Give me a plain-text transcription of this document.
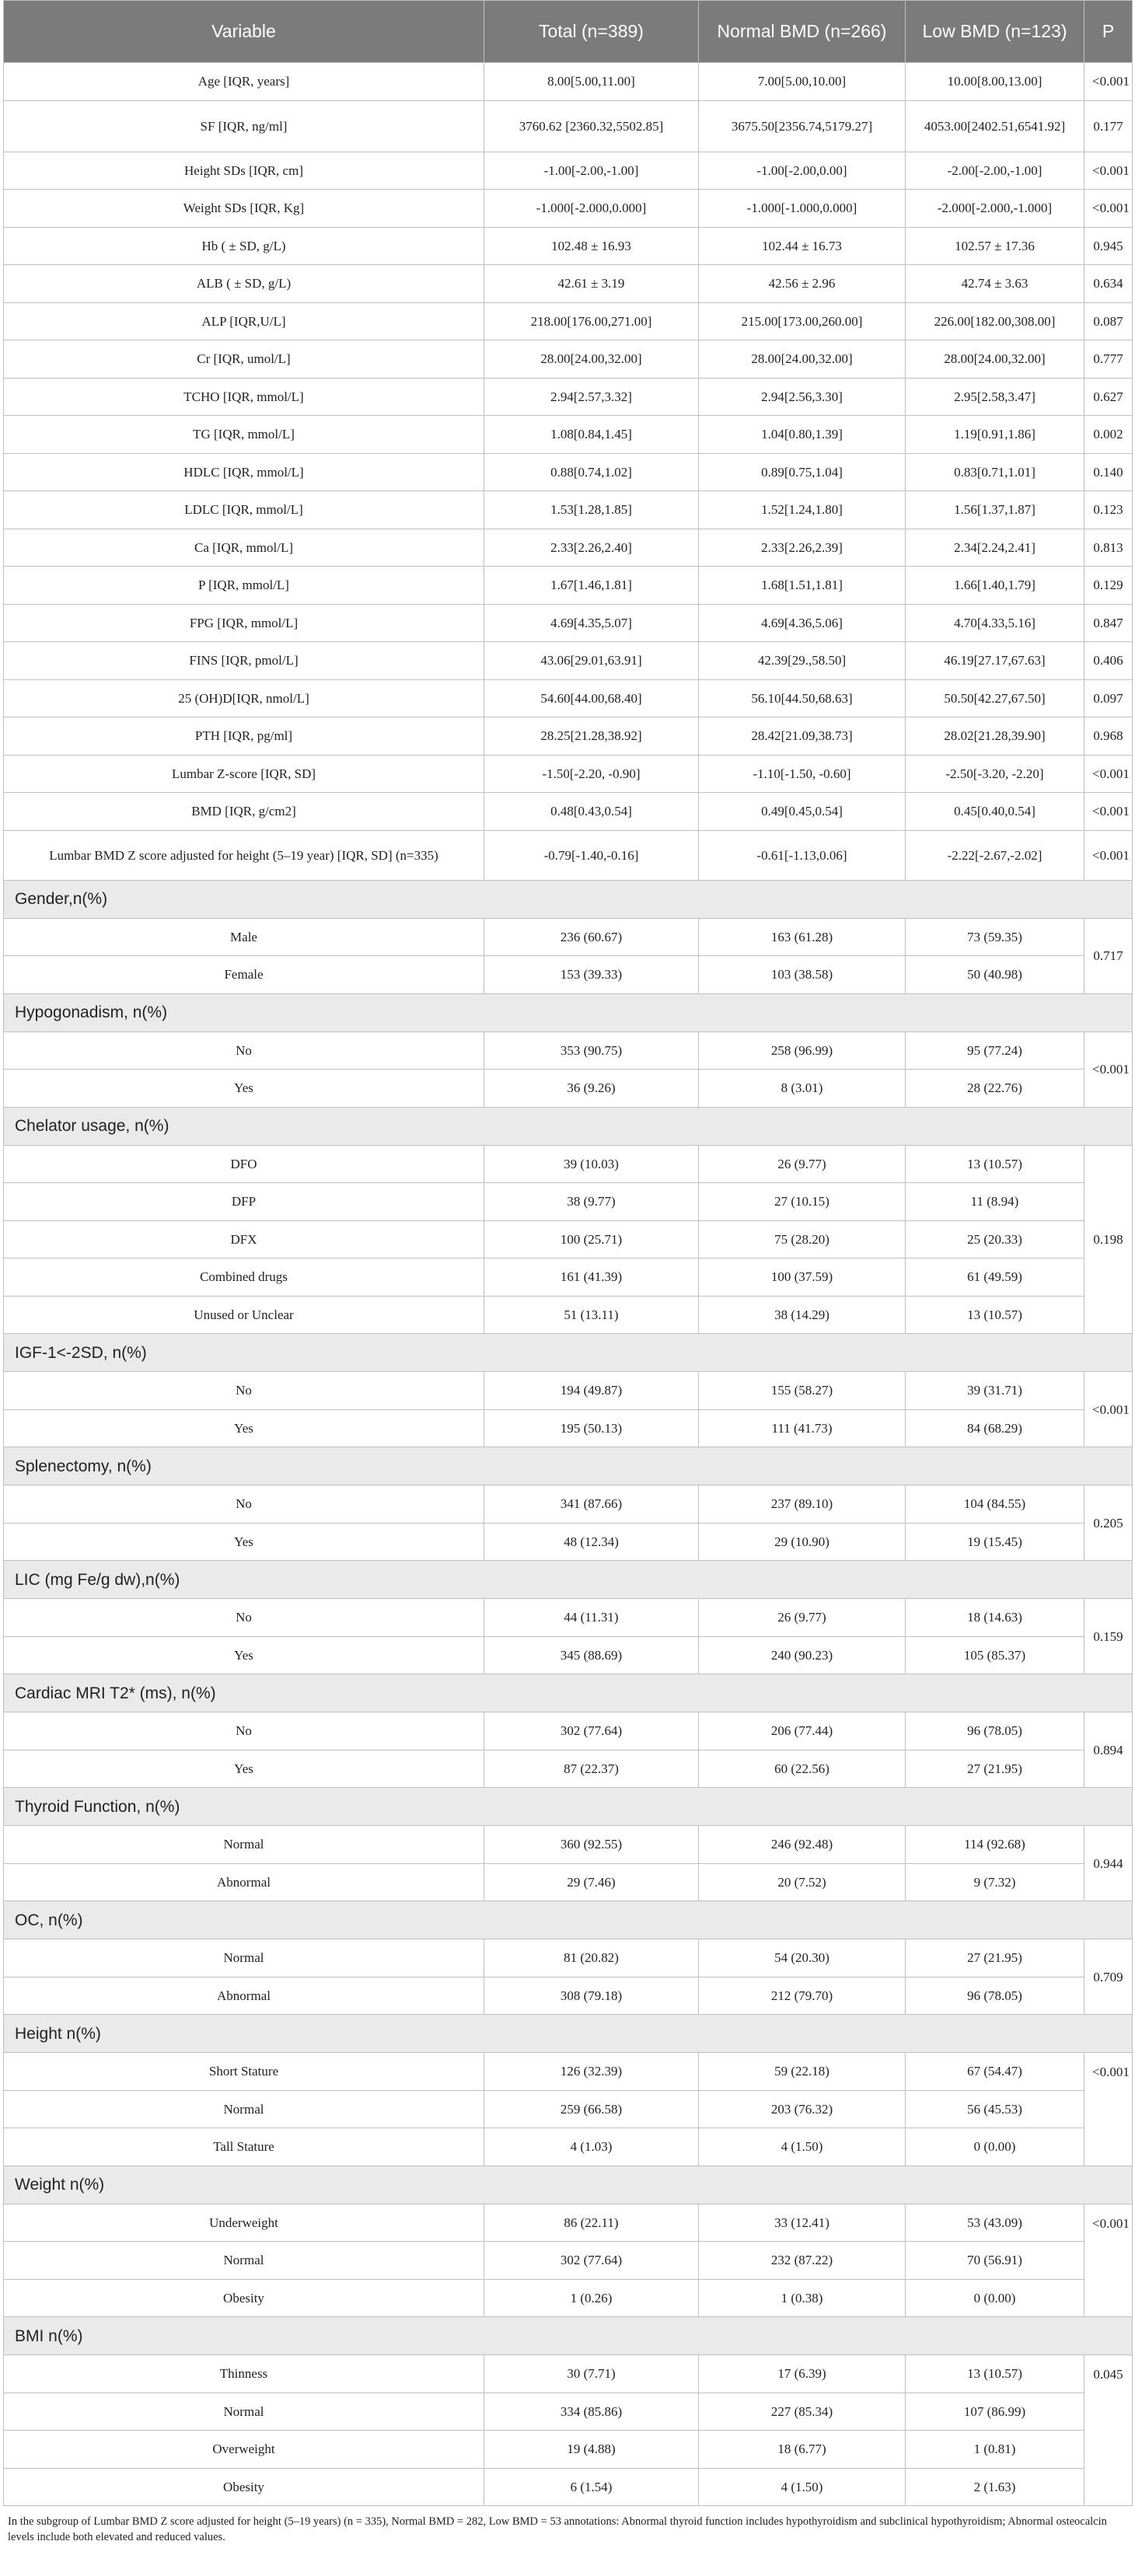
Variable	Total (n=389)	Normal BMD (n=266)	Low BMD (n=123)	P
Age [IQR, years]	8.00[5.00,11.00]	7.00[5.00,10.00]	10.00[8.00,13.00]	<0.001
SF [IQR, ng/ml]	3760.62 [2360.32,5502.85]	3675.50[2356.74,5179.27]	4053.00[2402.51,6541.92]	0.177
Height SDs [IQR, cm]	-1.00[-2.00,-1.00]	-1.00[-2.00,0.00]	-2.00[-2.00,-1.00]	<0.001
Weight SDs [IQR, Kg]	-1.000[-2.000,0.000]	-1.000[-1.000,0.000]	-2.000[-2.000,-1.000]	<0.001
Hb ( ± SD, g/L)	102.48 ± 16.93	102.44 ± 16.73	102.57 ± 17.36	0.945
ALB ( ± SD, g/L)	42.61 ± 3.19	42.56 ± 2.96	42.74 ± 3.63	0.634
ALP [IQR,U/L]	218.00[176.00,271.00]	215.00[173.00,260.00]	226.00[182.00,308.00]	0.087
Cr [IQR, umol/L]	28.00[24.00,32.00]	28.00[24.00,32.00]	28.00[24.00,32.00]	0.777
TCHO [IQR, mmol/L]	2.94[2.57,3.32]	2.94[2.56,3.30]	2.95[2.58,3.47]	0.627
TG [IQR, mmol/L]	1.08[0.84,1.45]	1.04[0.80,1.39]	1.19[0.91,1.86]	0.002
HDLC [IQR, mmol/L]	0.88[0.74,1.02]	0.89[0.75,1.04]	0.83[0.71,1.01]	0.140
LDLC [IQR, mmol/L]	1.53[1.28,1.85]	1.52[1.24,1.80]	1.56[1.37,1.87]	0.123
Ca [IQR, mmol/L]	2.33[2.26,2.40]	2.33[2.26,2.39]	2.34[2.24,2.41]	0.813
P [IQR, mmol/L]	1.67[1.46,1.81]	1.68[1.51,1.81]	1.66[1.40,1.79]	0.129
FPG [IQR, mmol/L]	4.69[4.35,5.07]	4.69[4.36,5.06]	4.70[4.33,5.16]	0.847
FINS [IQR, pmol/L]	43.06[29.01,63.91]	42.39[29.,58.50]	46.19[27.17,67.63]	0.406
25 (OH)D[IQR, nmol/L]	54.60[44.00,68.40]	56.10[44.50,68.63]	50.50[42.27,67.50]	0.097
PTH [IQR, pg/ml]	28.25[21.28,38.92]	28.42[21.09,38.73]	28.02[21.28,39.90]	0.968
Lumbar Z-score [IQR, SD]	-1.50[-2.20, -0.90]	-1.10[-1.50, -0.60]	-2.50[-3.20, -2.20]	<0.001
BMD [IQR, g/cm2]	0.48[0.43,0.54]	0.49[0.45,0.54]	0.45[0.40,0.54]	<0.001
Lumbar BMD Z score adjusted for height (5–19 year) [IQR, SD] (n=335)	-0.79[-1.40,-0.16]	-0.61[-1.13,0.06]	-2.22[-2.67,-2.02]	<0.001
Gender,n(%)				
Male	236 (60.67)	163 (61.28)	73 (59.35)	0.717
Female	153 (39.33)	103 (38.58)	50 (40.98)	
Hypogonadism, n(%)				
No	353 (90.75)	258 (96.99)	95 (77.24)	<0.001
Yes	36 (9.26)	8 (3.01)	28 (22.76)	
Chelator usage, n(%)				
DFO	39 (10.03)	26 (9.77)	13 (10.57)	0.198
DFP	38 (9.77)	27 (10.15)	11 (8.94)	
DFX	100 (25.71)	75 (28.20)	25 (20.33)	
Combined drugs	161 (41.39)	100 (37.59)	61 (49.59)	
Unused or Unclear	51 (13.11)	38 (14.29)	13 (10.57)	
IGF-1<-2SD, n(%)				
No	194 (49.87)	155 (58.27)	39 (31.71)	<0.001
Yes	195 (50.13)	111 (41.73)	84 (68.29)	
Splenectomy, n(%)				
No	341 (87.66)	237 (89.10)	104 (84.55)	0.205
Yes	48 (12.34)	29 (10.90)	19 (15.45)	
LIC (mg Fe/g dw),n(%)				
No	44 (11.31)	26 (9.77)	18 (14.63)	0.159
Yes	345 (88.69)	240 (90.23)	105 (85.37)	
Cardiac MRI T2* (ms), n(%)				
No	302 (77.64)	206 (77.44)	96 (78.05)	0.894
Yes	87 (22.37)	60 (22.56)	27 (21.95)	
Thyroid Function, n(%)				
Normal	360 (92.55)	246 (92.48)	114 (92.68)	0.944
Abnormal	29 (7.46)	20 (7.52)	9 (7.32)	
OC, n(%)				
Normal	81 (20.82)	54 (20.30)	27 (21.95)	0.709
Abnormal	308 (79.18)	212 (79.70)	96 (78.05)	
Height n(%)				
Short Stature	126 (32.39)	59 (22.18)	67 (54.47)	<0.001
Normal	259 (66.58)	203 (76.32)	56 (45.53)	
Tall Stature	4 (1.03)	4 (1.50)	0 (0.00)	
Weight n(%)				
Underweight	86 (22.11)	33 (12.41)	53 (43.09)	<0.001
Normal	302 (77.64)	232 (87.22)	70 (56.91)	
Obesity	1 (0.26)	1 (0.38)	0 (0.00)	
BMI n(%)				
Thinness	30 (7.71)	17 (6.39)	13 (10.57)	0.045
Normal	334 (85.86)	227 (85.34)	107 (86.99)	
Overweight	19 (4.88)	18 (6.77)	1 (0.81)	
Obesity	6 (1.54)	4 (1.50)	2 (1.63)	

In the subgroup of Lumbar BMD Z score adjusted for height (5–19 years) (n = 335), Normal BMD = 282, Low BMD = 53 annotations: Abnormal thyroid function includes hypothyroidism and subclinical hypothyroidism; Abnormal osteocalcin levels include both elevated and reduced values.
